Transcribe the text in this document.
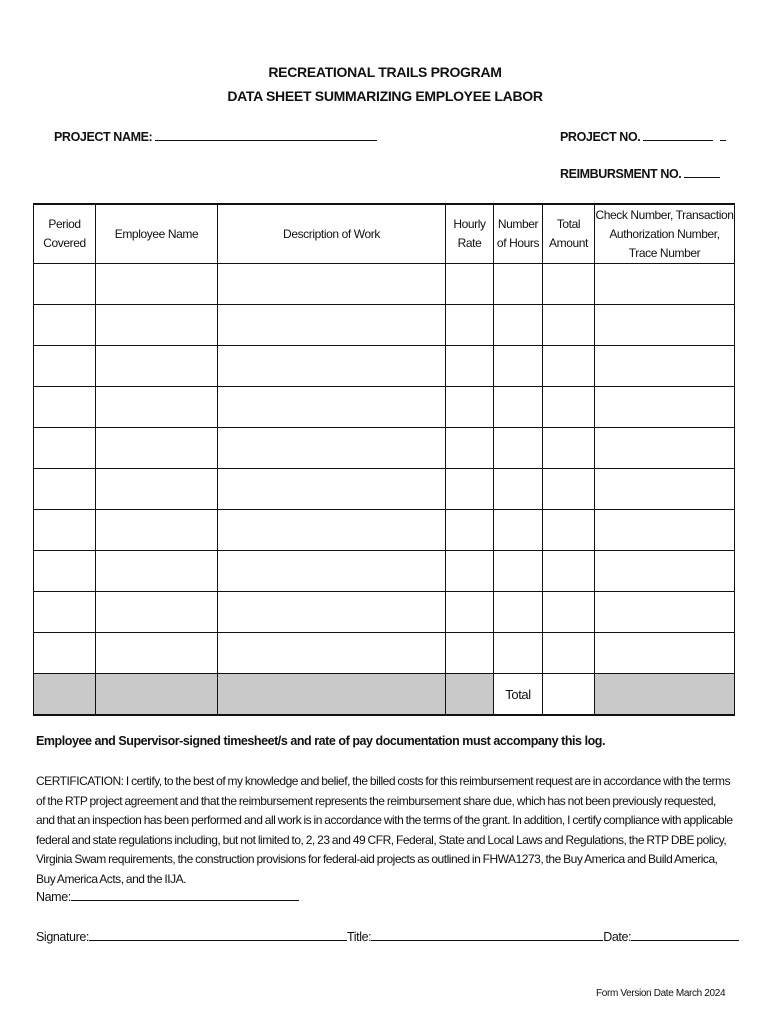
RECREATIONAL TRAILS PROGRAM
DATA SHEET SUMMARIZING EMPLOYEE LABOR
PROJECT NAME:	PROJECT NO.
REIMBURSMENT NO.
Period Covered	Employee Name	Description of Work	Hourly Rate	Number of Hours	Total Amount	Check Number, Transaction Authorization Number, Trace Number

				Total		
Employee and Supervisor-signed timesheet/s and rate of pay documentation must accompany this log.
CERTIFICATION: I certify, to the best of my knowledge and belief, the billed costs for this reimbursement request are in accordance with the terms of the RTP project agreement and that the reimbursement represents the reimbursement share due, which has not been previously requested, and that an inspection has been performed and all work is in accordance with the terms of the grant. In addition, I certify compliance with applicable federal and state regulations including, but not limited to, 2, 23 and 49 CFR, Federal, State and Local Laws and Regulations, the RTP DBE policy, Virginia Swam requirements, the construction provisions for federal-aid projects as outlined in FHWA1273, the Buy America and Build America, Buy America Acts, and the IIJA.
Name:
Signature:	Title:	Date:
Form Version Date March 2024
